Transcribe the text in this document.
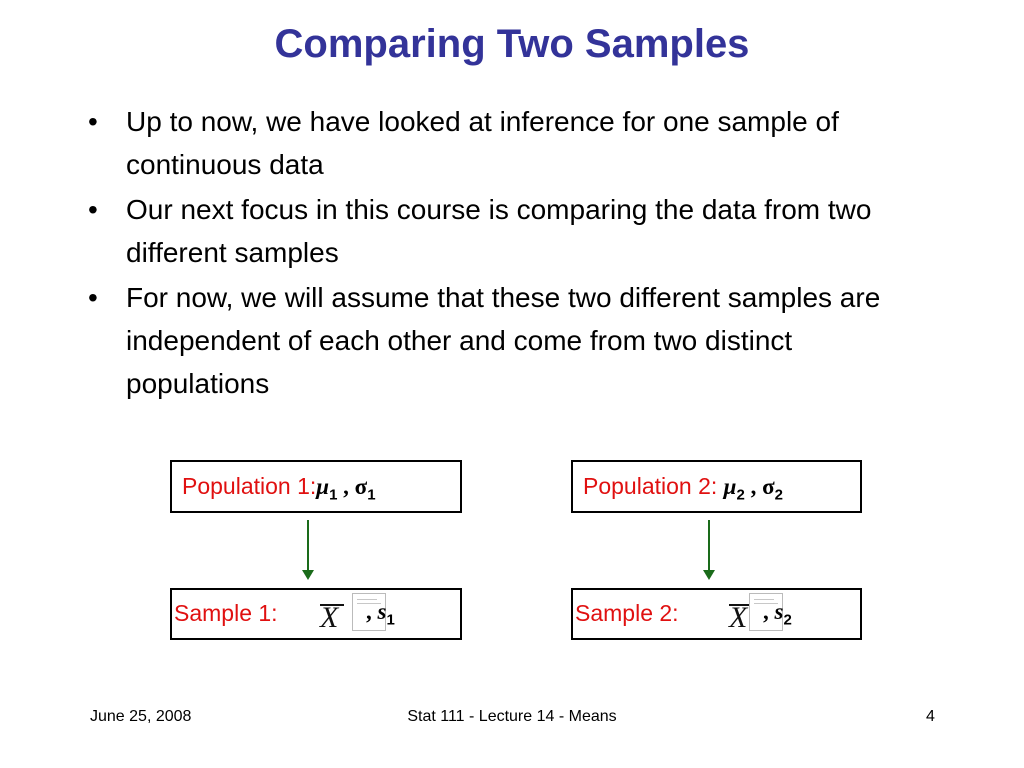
Comparing Two Samples
• Up to now, we have looked at inference for one sample of continuous data
• Our next focus in this course is comparing the data from two different samples
• For now, we will assume that these two different samples are independent of each other and come from two distinct populations
Population $1:\mu_1$ , $\sigma_1$	Population 2: $\mu_2$ , $\sigma_2$
Sample 1: X , $s_1$	Sample 2: X , $s_2$
June 25, 2008	Stat 111 - Lecture 14 - Means	4
